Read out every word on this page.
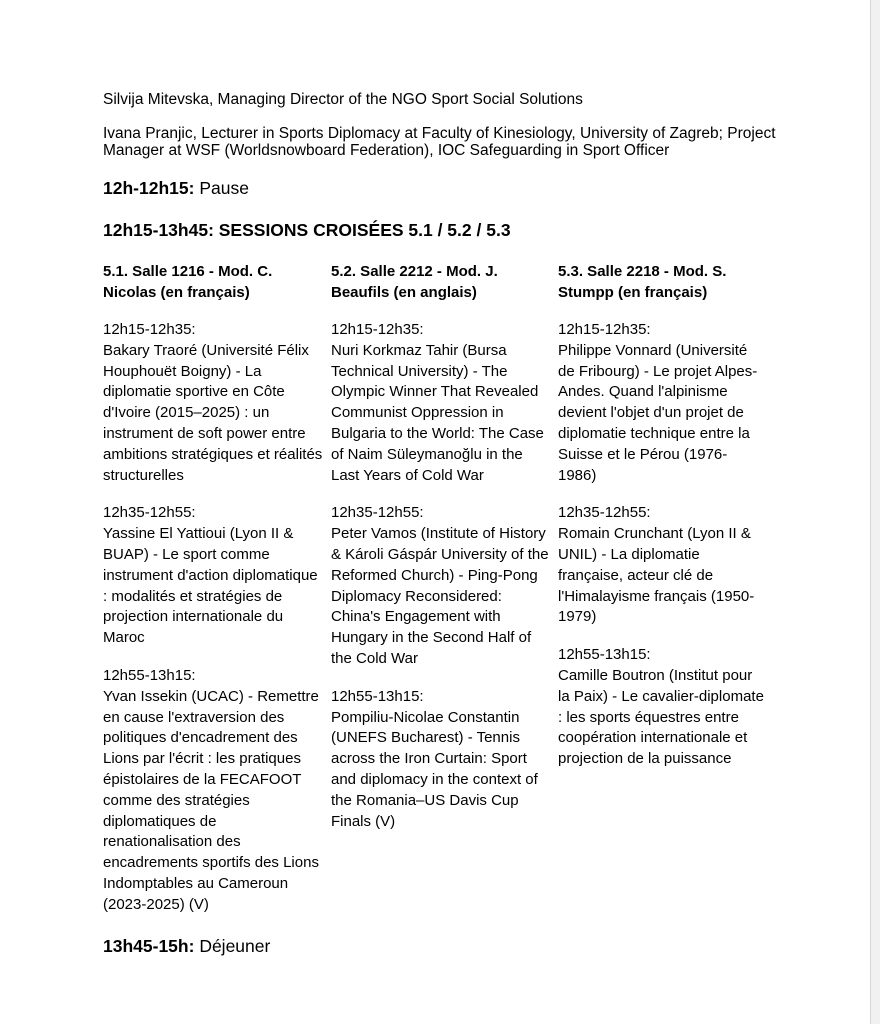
Silvija Mitevska, Managing Director of the NGO Sport Social Solutions

Ivana Pranjic, Lecturer in Sports Diplomacy at Faculty of Kinesiology, University of Zagreb; Project Manager at WSF (Worldsnowboard Federation), IOC Safeguarding in Sport Officer

12h-12h15: Pause

12h15-13h45: SESSIONS CROISÉES 5.1 / 5.2 / 5.3

5.1. Salle 1216 - Mod. C. Nicolas (en français)

12h15-12h35:
Bakary Traoré (Université Félix Houphouët Boigny) - La diplomatie sportive en Côte d'Ivoire (2015–2025) : un instrument de soft power entre ambitions stratégiques et réalités structurelles

12h35-12h55:
Yassine El Yattioui (Lyon II & BUAP) - Le sport comme instrument d'action diplomatique : modalités et stratégies de projection internationale du Maroc

12h55-13h15:
Yvan Issekin (UCAC) - Remettre en cause l'extraversion des politiques d'encadrement des Lions par l'écrit : les pratiques épistolaires de la FECAFOOT comme des stratégies diplomatiques de renationalisation des encadrements sportifs des Lions Indomptables au Cameroun (2023-2025) (V)

5.2. Salle 2212 - Mod. J. Beaufils (en anglais)

12h15-12h35:
Nuri Korkmaz Tahir (Bursa Technical University) - The Olympic Winner That Revealed Communist Oppression in Bulgaria to the World: The Case of Naim Süleymanoğlu in the Last Years of Cold War

12h35-12h55:
Peter Vamos (Institute of History & Károli Gáspár University of the Reformed Church) - Ping-Pong Diplomacy Reconsidered: China's Engagement with Hungary in the Second Half of the Cold War

12h55-13h15:
Pompiliu-Nicolae Constantin (UNEFS Bucharest) - Tennis across the Iron Curtain: Sport and diplomacy in the context of the Romania–US Davis Cup Finals (V)

5.3. Salle 2218 - Mod. S. Stumpp (en français)

12h15-12h35:
Philippe Vonnard (Université de Fribourg) - Le projet Alpes-Andes. Quand l'alpinisme devient l'objet d'un projet de diplomatie technique entre la Suisse et le Pérou (1976-1986)

12h35-12h55:
Romain Crunchant (Lyon II & UNIL) - La diplomatie française, acteur clé de l'Himalayisme français (1950-1979)

12h55-13h15:
Camille Boutron (Institut pour la Paix) - Le cavalier-diplomate : les sports équestres entre coopération internationale et projection de la puissance

13h45-15h: Déjeuner
